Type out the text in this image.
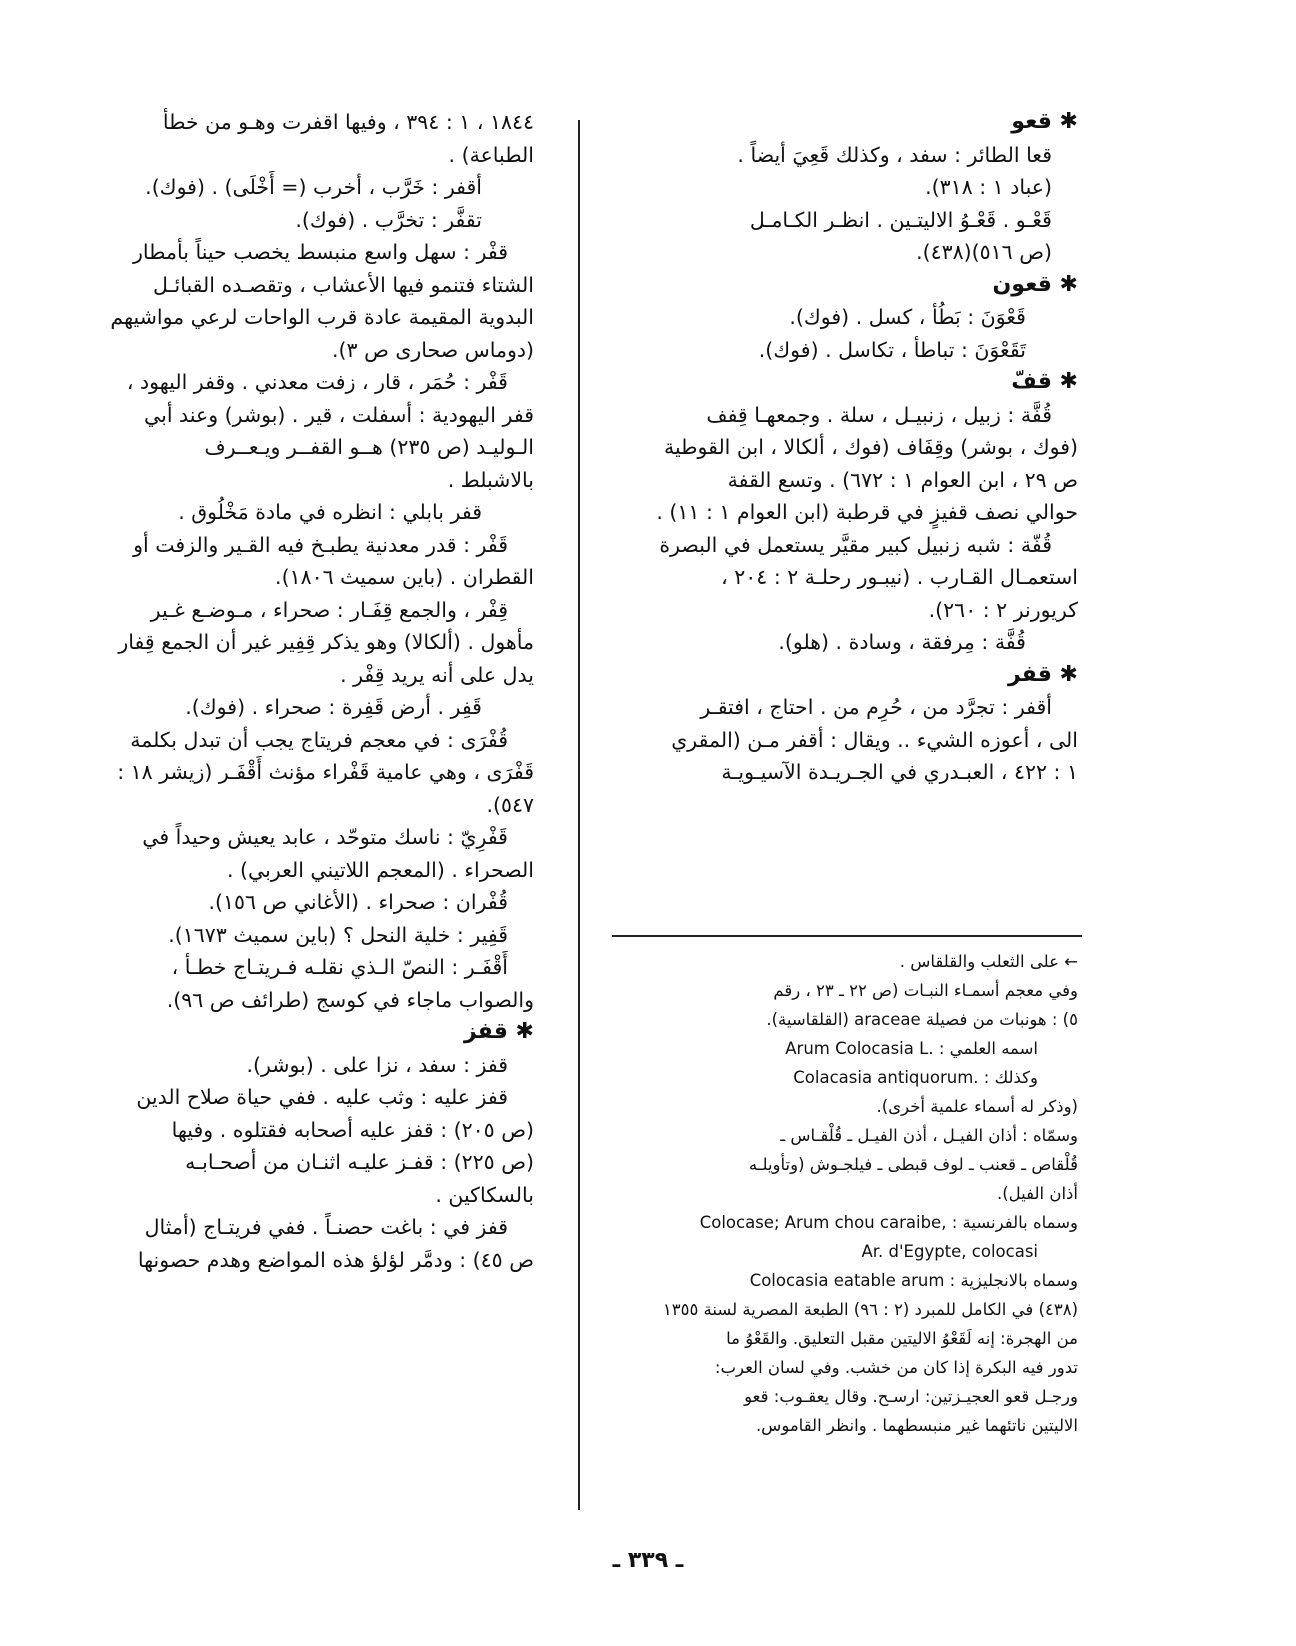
✱ قعو
قعا الطائر : سفد ، وكذلك قَعِيَ أيضاً .
(عباد ١ : ٣١٨).
قَعْـو . قَعْـوُ الاليتـين . انظـر الكـامـل
(ص ٥١٦)(٤٣٨).
✱ قعون
قَعْوَنَ : بَطُأ ، كسل . (فوك).
تَقَعْوَنَ : تباطأ ، تكاسل . (فوك).
✱ قفّ
قُفَّة : زبيل ، زنبيـل ، سلة . وجمعهـا قِفف
(فوك ، بوشر) وقِفَاف (فوك ، ألكالا ، ابن القوطية
ص ٢٩ ، ابن العوام ١ : ٦٧٢) . وتسع القفة
حوالي نصف قفيزٍ في قرطبة (ابن العوام ١ : ١١) .
قُفّة : شبه زنبيل كبير مقيَّر يستعمل في البصرة
استعمـال القـارب . (نيبـور رحلـة ٢ : ٢٠٤ ،
كريورنر ٢ : ٢٦٠).
قُفَّة : مِرفقة ، وسادة . (هلو).
✱ قفر
أقفر : تجرَّد من ، حُرِم من . احتاج ، افتقـر
الى ، أعوزه الشيء .. ويقال : أقفر مـن (المقري
١ : ٤٢٢ ، العبـدري في الجـريـدة الآسيـويـة
١٨٤٤ ، ١ : ٣٩٤ ، وفيها اقفرت وهـو من خطأ
الطباعة) .
أقفر : خَرَّب ، أخرب (= أَخْلَى) . (فوك).
تقفَّر : تخرَّب . (فوك).
قفْر : سهل واسع منبسط يخصب حيناً بأمطار
الشتاء فتنمو فيها الأعشاب ، وتقصـده القبائـل
البدوية المقيمة عادة قرب الواحات لرعي مواشيهم
(دوماس صحارى ص ٣).
قَفْر : حُمَر ، قار ، زفت معدني . وقفر اليهود ،
قفر اليهودية : أسفلت ، قير . (بوشر) وعند أبي
الـوليـد (ص ٢٣٥) هــو القفــر ويـعــرف
بالاشبلط .
قفر بابلي : انظره في مادة مَخْلُوق .
قَفْر : قدر معدنية يطبـخ فيه القـير والزفت أو
القطران . (باين سميث ١٨٠٦).
قِفْر ، والجمع قِفَـار : صحراء ، مـوضـع غـير
مأهول . (ألكالا) وهو يذكر قِفِير غير أن الجمع قِفار
يدل على أنه يريد قِفْر .
قَفِر . أرض قَفِرة : صحراء . (فوك).
قُفْرَى : في معجم فريتاج يجب أن تبدل بكلمة
قَفْرَى ، وهي عامية قَفْراء مؤنث أَقْفَـر (زيشر ١٨ :
٥٤٧).
قَفْرِيّ : ناسك متوحّد ، عابد يعيش وحيداً في
الصحراء . (المعجم اللاتيني العربي) .
قُفْران : صحراء . (الأغاني ص ١٥٦).
قَفِير : خلية النحل ؟ (باين سميث ١٦٧٣).
أَقْفَـر : النصّ الـذي نقلـه فـريتـاج خطـأ ،
والصواب ماجاء في كوسج (طرائف ص ٩٦).
✱ قفز
قفز : سفد ، نزا على . (بوشر).
قفز عليه : وثب عليه . ففي حياة صلاح الدين
(ص ٢٠٥) : قفز عليه أصحابه فقتلوه . وفيها
(ص ٢٢٥) : قفـز عليـه اثنـان من أصحـابـه
بالسكاكين .
قفز في : باغت حصنـاً . ففي فريتـاج (أمثال
ص ٤٥) : ودمَّر لؤلؤ هذه المواضع وهدم حصونها
← على الثعلب والقلقاس .
وفي معجم أسمـاء النبـات (ص ٢٢ ـ ٢٣ ، رقم
٥) : هونبات من فصيلة araceae (القلقاسية).
اسمه العلمي : .Arum Colocasia L
وكذلك : .Colacasia antiquorum
(وذكر له أسماء علمية أخرى).
وسمّاه : أذان الفيـل ، أذن الفيـل ـ قُلْقـاس ـ
قُلْقاص ـ قعنب ـ لوف قبطى ـ فيلجـوش (وتأويلـه
أذان الفيل).
وسماه بالفرنسية : ,Colocase; Arum chou caraibe
Ar. d'Egypte, colocasi
وسماه بالانجليزية : Colocasia eatable arum
(٤٣٨) في الكامل للمبرد (٢ : ٩٦) الطبعة المصرية لسنة ١٣٥٥
من الهجرة: إنه لَقَعْوُ الاليتين مقبل التعليق. والقَعْوُ ما
تدور فيه البكرة إذا كان من خشب. وفي لسان العرب:
ورجـل قعو العجيـزتين: ارسـح. وقال يعقـوب: قعو
الاليتين ناتئهما غير منبسطهما . وانظر القاموس.
ـ ٣٣٩ ـ
